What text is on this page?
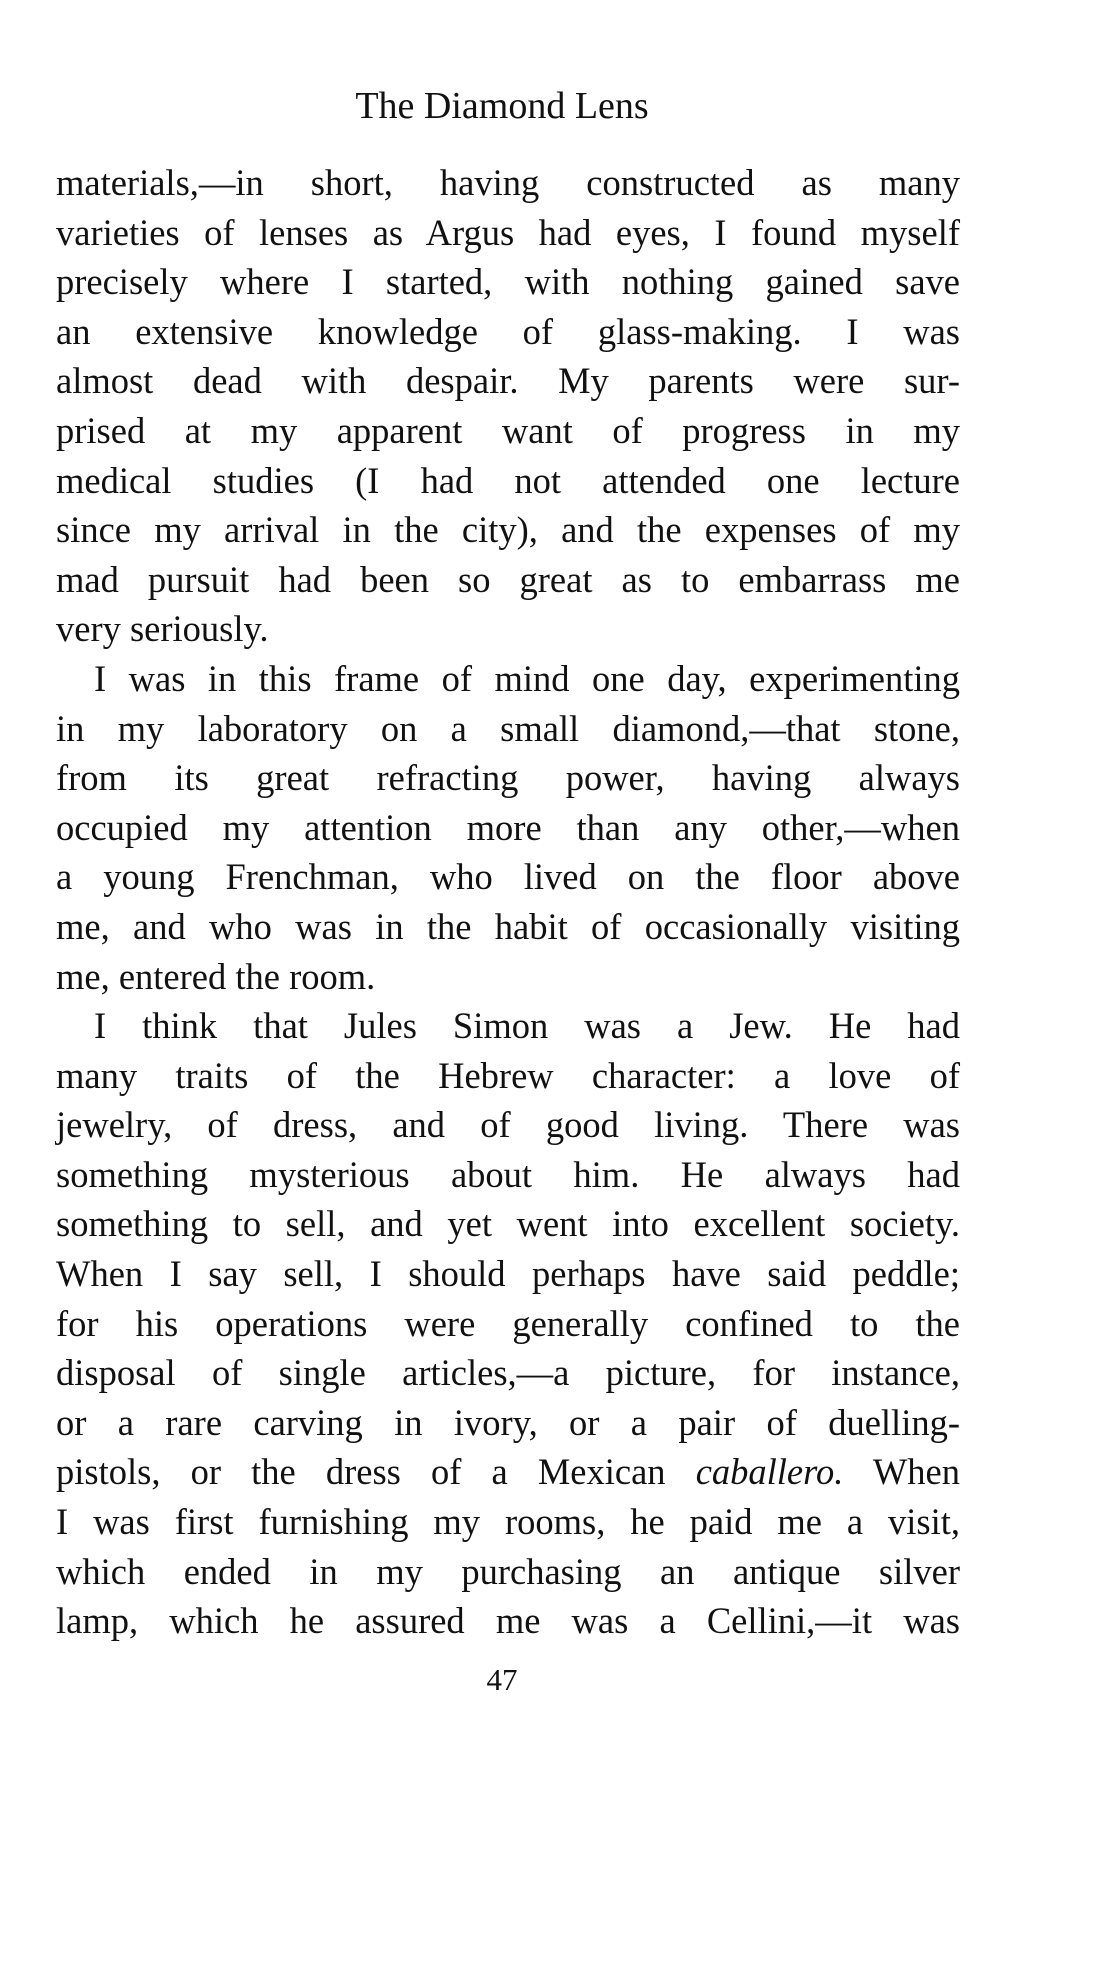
The Diamond Lens

materials,—in short, having constructed as many
varieties of lenses as Argus had eyes, I found myself
precisely where I started, with nothing gained save
an extensive knowledge of glass-making. I was
almost dead with despair. My parents were sur-
prised at my apparent want of progress in my
medical studies (I had not attended one lecture
since my arrival in the city), and the expenses of my
mad pursuit had been so great as to embarrass me
very seriously.

I was in this frame of mind one day, experimenting
in my laboratory on a small diamond,—that stone,
from its great refracting power, having always
occupied my attention more than any other,—when
a young Frenchman, who lived on the floor above
me, and who was in the habit of occasionally visiting
me, entered the room.

I think that Jules Simon was a Jew. He had
many traits of the Hebrew character: a love of
jewelry, of dress, and of good living. There was
something mysterious about him. He always had
something to sell, and yet went into excellent society.
When I say sell, I should perhaps have said peddle;
for his operations were generally confined to the
disposal of single articles,—a picture, for instance,
or a rare carving in ivory, or a pair of duelling-
pistols, or the dress of a Mexican caballero. When
I was first furnishing my rooms, he paid me a visit,
which ended in my purchasing an antique silver
lamp, which he assured me was a Cellini,—it was

47
